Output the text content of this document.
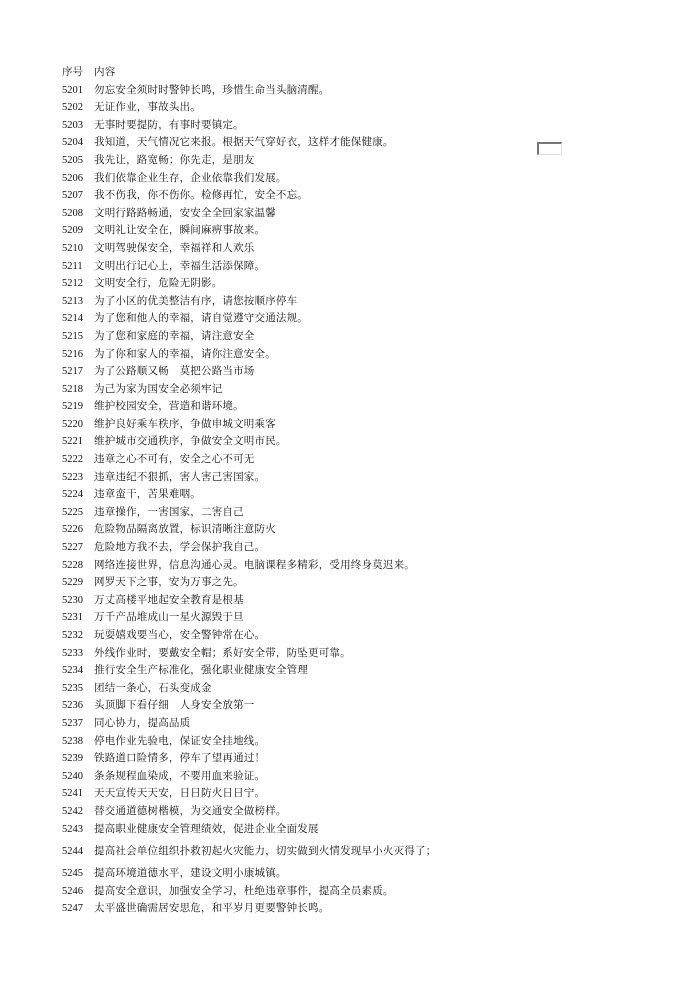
序号	内容
5201	勿忘安全须时时警钟长鸣，珍惜生命当头脑清醒。
5202	无证作业，事故头出。
5203	无事时要提防，有事时要镇定。
5204	我知道，天气情况它来报。根据天气穿好衣，这样才能保健康。
5205	我先让，路宽畅；你先走，是朋友
5206	我们依靠企业生存，企业依靠我们发展。
5207	我不伤我，你不伤你。检修再忙，安全不忘。
5208	文明行路路畅通，安安全全回家家温馨
5209	文明礼让安全在，瞬间麻痹事故来。
5210	文明驾驶保安全，幸福祥和人欢乐
5211	文明出行记心上，幸福生活添保障。
5212	文明安全行，危险无阴影。
5213	为了小区的优美整洁有序，请您按顺序停车
5214	为了您和他人的幸福，请自觉遵守交通法规。
5215	为了您和家庭的幸福，请注意安全
5216	为了你和家人的幸福，请你注意安全。
5217	为了公路顺又畅　莫把公路当市场
5218	为己为家为国安全必须牢记
5219	维护校园安全，营造和谐环境。
5220	维护良好乘车秩序，争做申城文明乘客
5221	维护城市交通秩序，争做安全文明市民。
5222	违章之心不可有，安全之心不可无
5223	违章违纪不狠抓，害人害己害国家。
5224	违章蛮干，苦果难咽。
5225	违章操作，一害国家，二害自己
5226	危险物品隔离放置，标识清晰注意防火
5227	危险地方我不去，学会保护我自己。
5228	网络连接世界，信息沟通心灵。电脑课程多精彩，受用终身莫迟来。
5229	网罗天下之事，安为万事之先。
5230	万丈高楼平地起安全教育是根基
5231	万千产品堆成山一星火源毁于旦
5232	玩耍嬉戏要当心，安全警钟常在心。
5233	外线作业时，要戴安全帽；系好安全带，防坠更可靠。
5234	推行安全生产标准化，强化职业健康安全管理
5235	团结一条心，石头变成金
5236	头顶脚下看仔细　人身安全放第一
5237	同心协力，提高品质
5238	停电作业先验电，保证安全挂地线。
5239	铁路道口险情多，停车了望再通过！
5240	条条规程血染成，不要用血来验证。
5241	天天宣传天天安，日日防火日日宁。
5242	替交通道德树楷模，为交通安全做榜样。
5243	提高职业健康安全管理绩效，促进企业全面发展
5244	提高社会单位组织扑救初起火灾能力，切实做到火情发现早小火灭得了；
5245	提高环境道德水平，建设文明小康城镇。
5246	提高安全意识，加强安全学习，杜绝违章事件，提高全员素质。
5247	太平盛世确需居安思危，和平岁月更要警钟长鸣。
